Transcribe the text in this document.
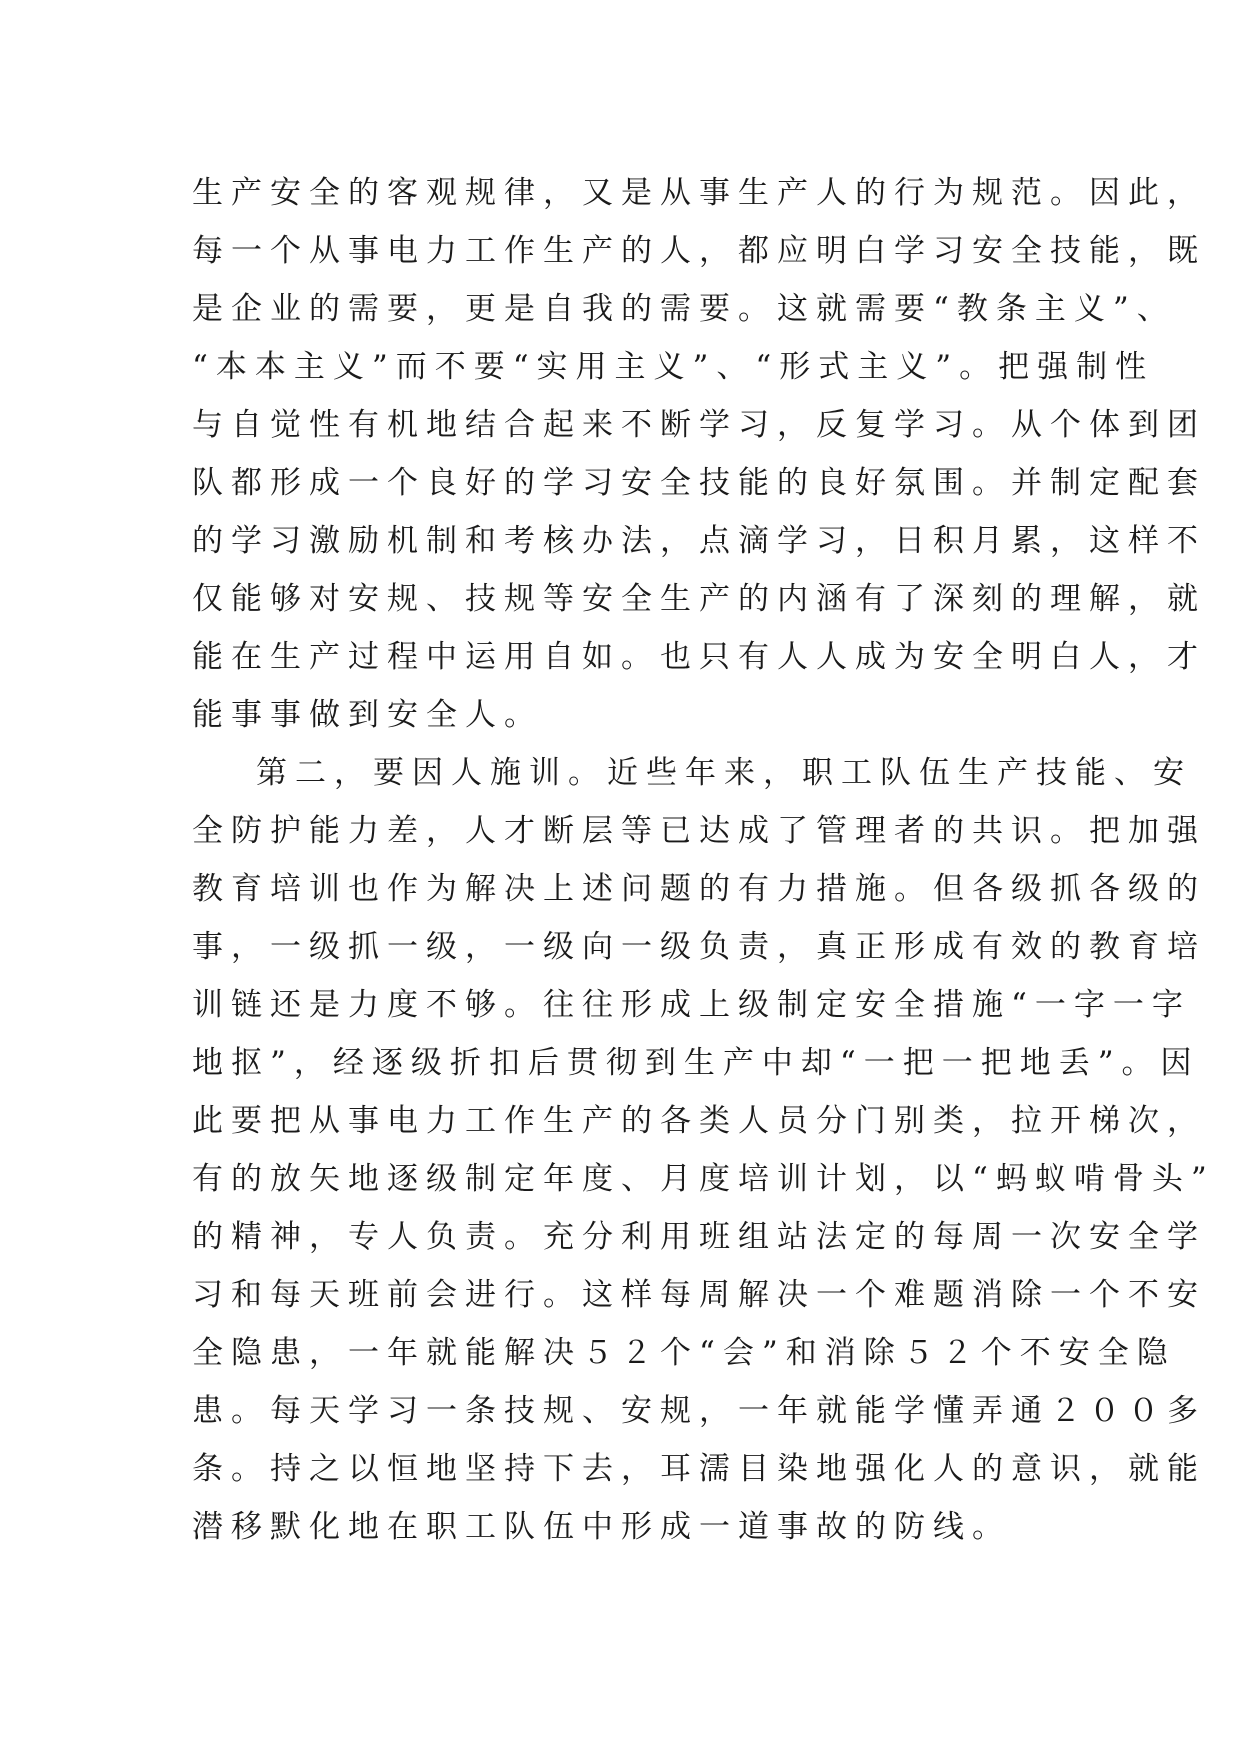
生产安全的客观规律，又是从事生产人的行为规范。因此，
每一个从事电力工作生产的人，都应明白学习安全技能，既
是企业的需要，更是自我的需要。这就需要“教条主义”、
“本本主义”而不要“实用主义”、“形式主义”。把强制性
与自觉性有机地结合起来不断学习，反复学习。从个体到团
队都形成一个良好的学习安全技能的良好氛围。并制定配套
的学习激励机制和考核办法，点滴学习，日积月累，这样不
仅能够对安规、技规等安全生产的内涵有了深刻的理解，就
能在生产过程中运用自如。也只有人人成为安全明白人，才
能事事做到安全人。
第二，要因人施训。近些年来，职工队伍生产技能、安
全防护能力差，人才断层等已达成了管理者的共识。把加强
教育培训也作为解决上述问题的有力措施。但各级抓各级的
事，一级抓一级，一级向一级负责，真正形成有效的教育培
训链还是力度不够。往往形成上级制定安全措施“一字一字
地抠”，经逐级折扣后贯彻到生产中却“一把一把地丢”。因
此要把从事电力工作生产的各类人员分门别类，拉开梯次，
有的放矢地逐级制定年度、月度培训计划，以“蚂蚁啃骨头”
的精神，专人负责。充分利用班组站法定的每周一次安全学
习和每天班前会进行。这样每周解决一个难题消除一个不安
全隐患，一年就能解决５２个“会”和消除５２个不安全隐
患。每天学习一条技规、安规，一年就能学懂弄通２００多
条。持之以恒地坚持下去，耳濡目染地强化人的意识，就能
潜移默化地在职工队伍中形成一道事故的防线。
